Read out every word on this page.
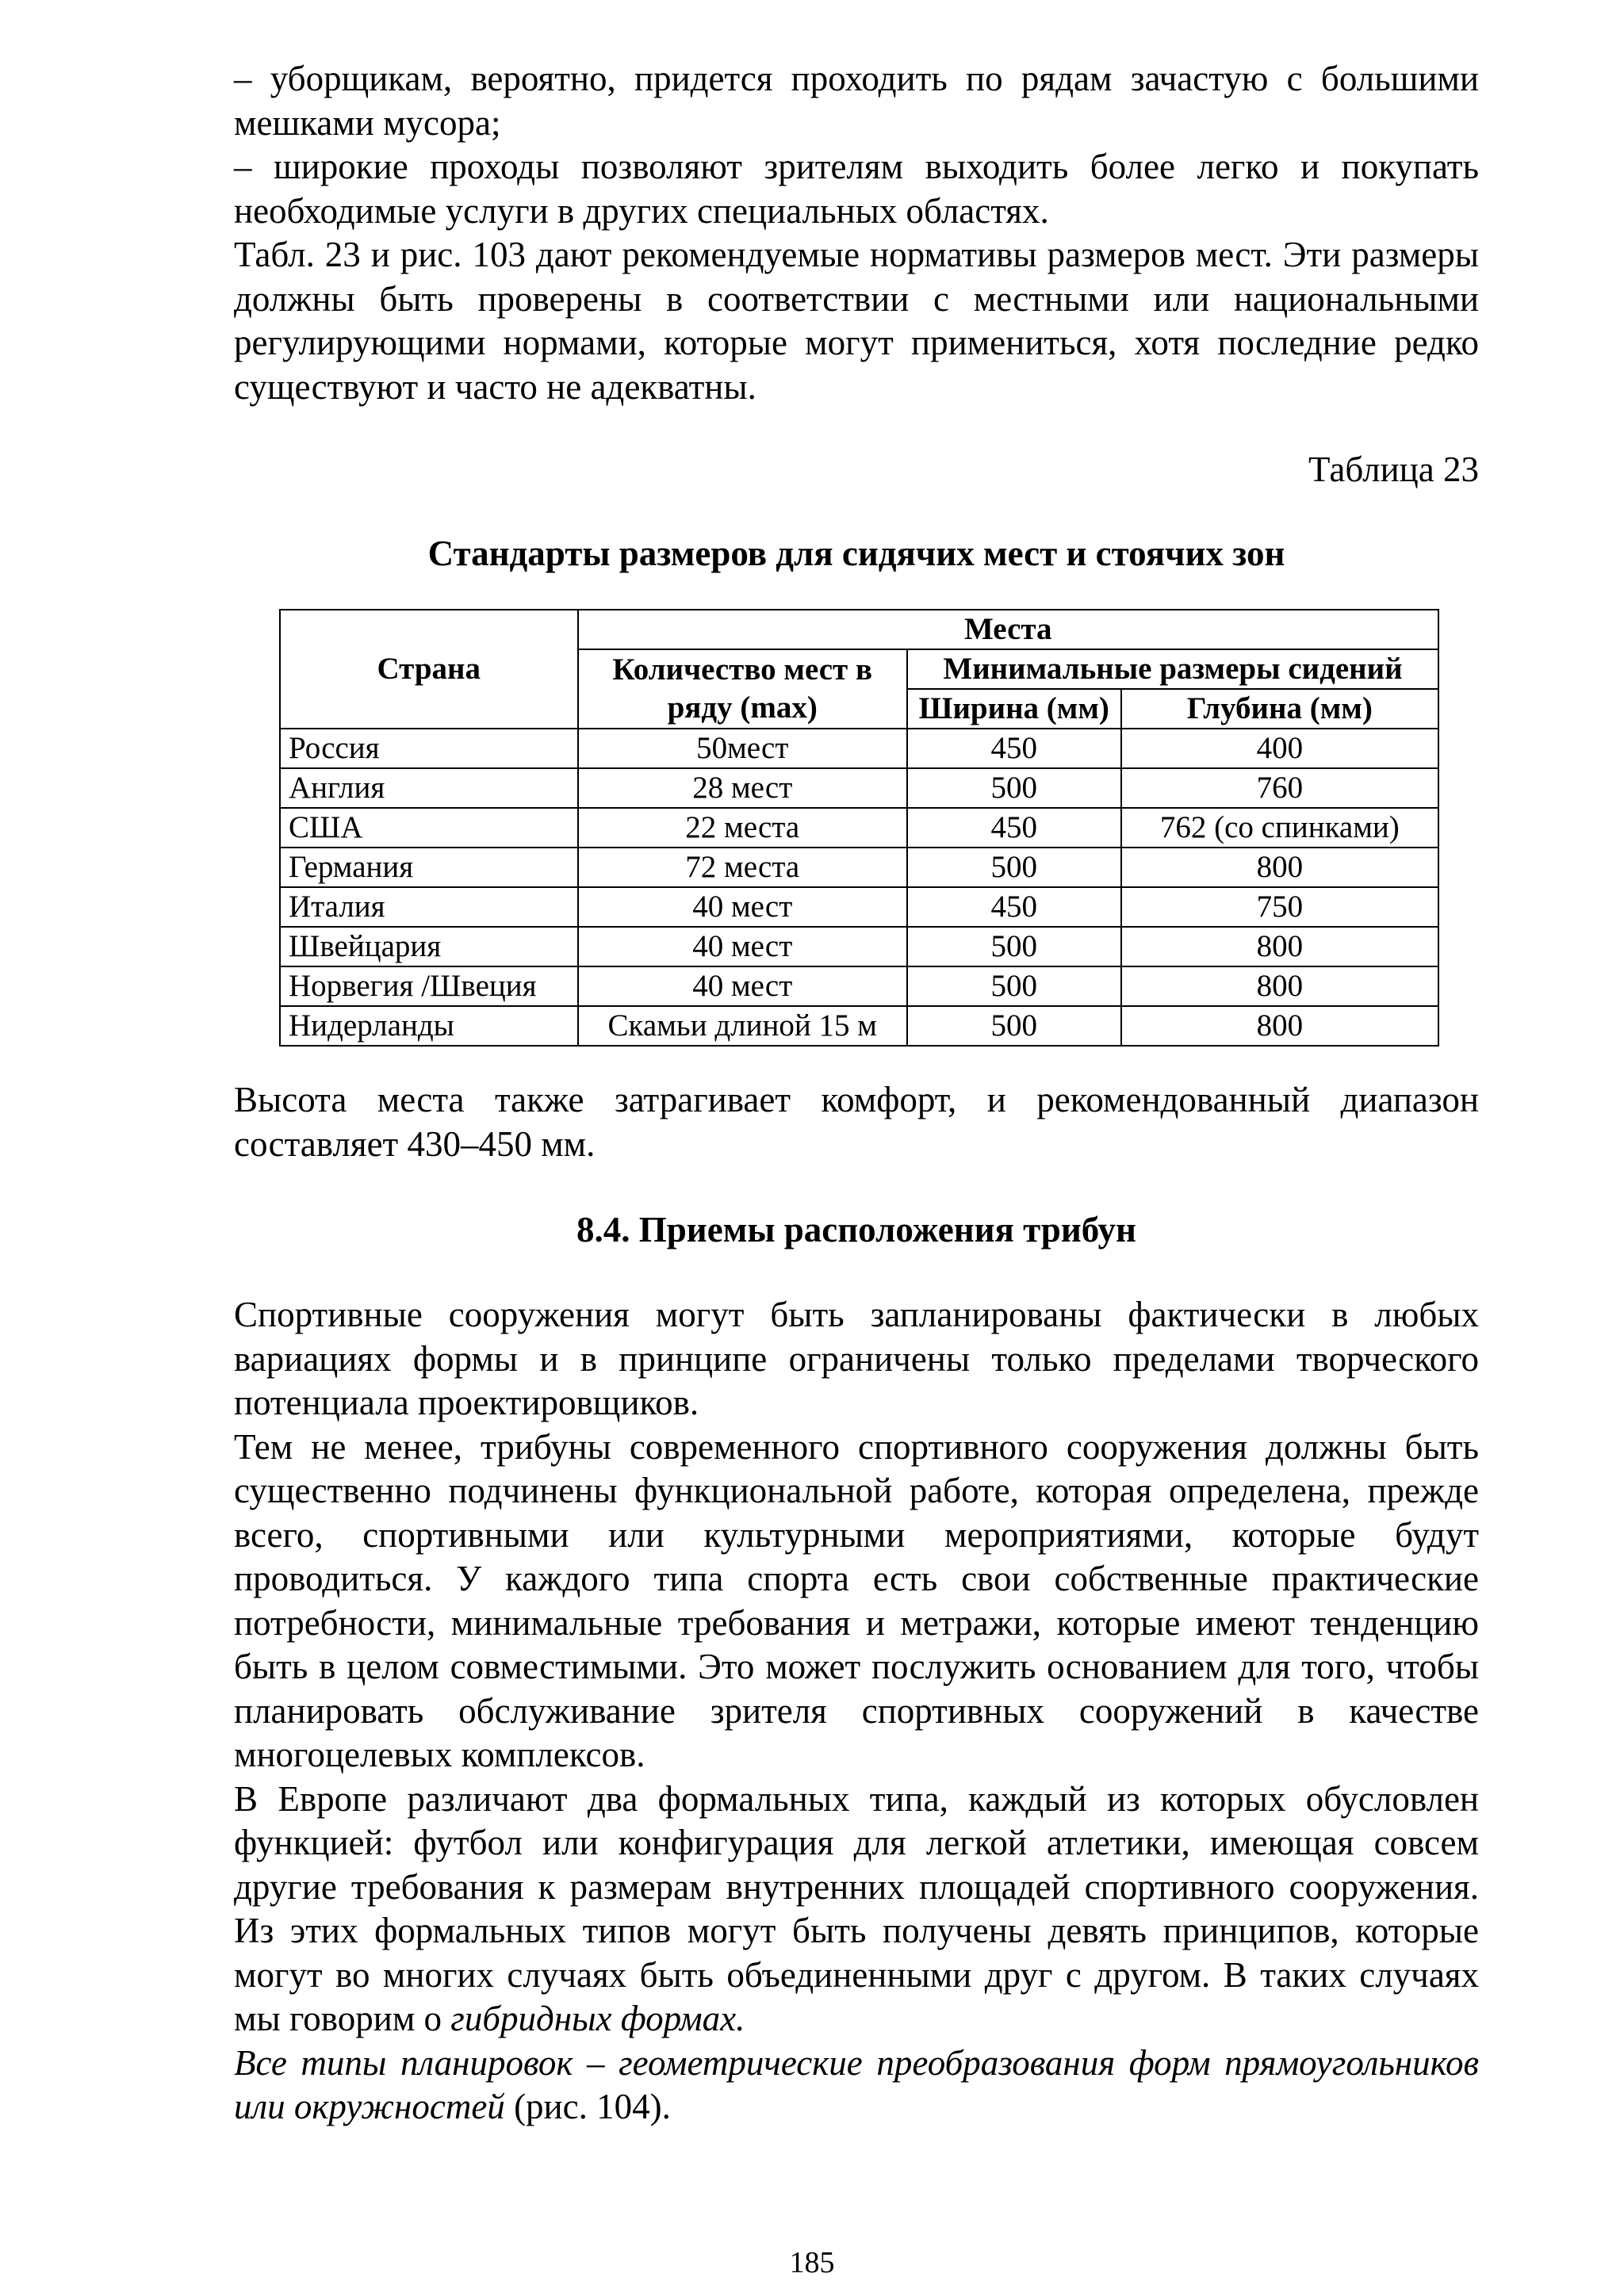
– уборщикам, вероятно, придется проходить по рядам зачастую с большими мешками мусора;

– широкие проходы позволяют зрителям выходить более легко и покупать необходимые услуги в других специальных областях.

Табл. 23 и рис. 103 дают рекомендуемые нормативы размеров мест. Эти размеры должны быть проверены в соответствии с местными или национальными регулирующими нормами, которые могут примениться, хотя последние редко существуют и часто не адекватны.

Таблица 23
Стандарты размеров для сидячих мест и стоячих зон
Страна	Места		
	Количество мест в ряду (max)	Минимальные размеры сидений	
		Ширина (мм)	Глубина (мм)
Россия	50мест	450	400
Англия	28 мест	500	760
США	22 места	450	762 (со спинками)
Германия	72 места	500	800
Италия	40 мест	450	750
Швейцария	40 мест	500	800
Норвегия /Швеция	40 мест	500	800
Нидерланды	Скамьи длиной 15 м	500	800

Высота места также затрагивает комфорт, и рекомендованный диапазон составляет 430–450 мм.

8.4. Приемы расположения трибун

Спортивные сооружения могут быть запланированы фактически в любых вариациях формы и в принципе ограничены только пределами творческого потенциала проектировщиков.

Тем не менее, трибуны современного спортивного сооружения должны быть существенно подчинены функциональной работе, которая определена, прежде всего, спортивными или культурными мероприятиями, которые будут проводиться. У каждого типа спорта есть свои собственные практические потребности, минимальные требования и метражи, которые имеют тенденцию быть в целом совместимыми. Это может послужить основанием для того, чтобы планировать обслуживание зрителя спортивных сооружений в качестве многоцелевых комплексов.

В Европе различают два формальных типа, каждый из которых обусловлен функцией: футбол или конфигурация для легкой атлетики, имеющая совсем другие требования к размерам внутренних площадей спортивного сооружения. Из этих формальных типов могут быть получены девять принципов, которые могут во многих случаях быть объединенными друг с другом. В таких случаях мы говорим о гибридных формах.

Все типы планировок – геометрические преобразования форм прямоугольников или окружностей (рис. 104).

185
